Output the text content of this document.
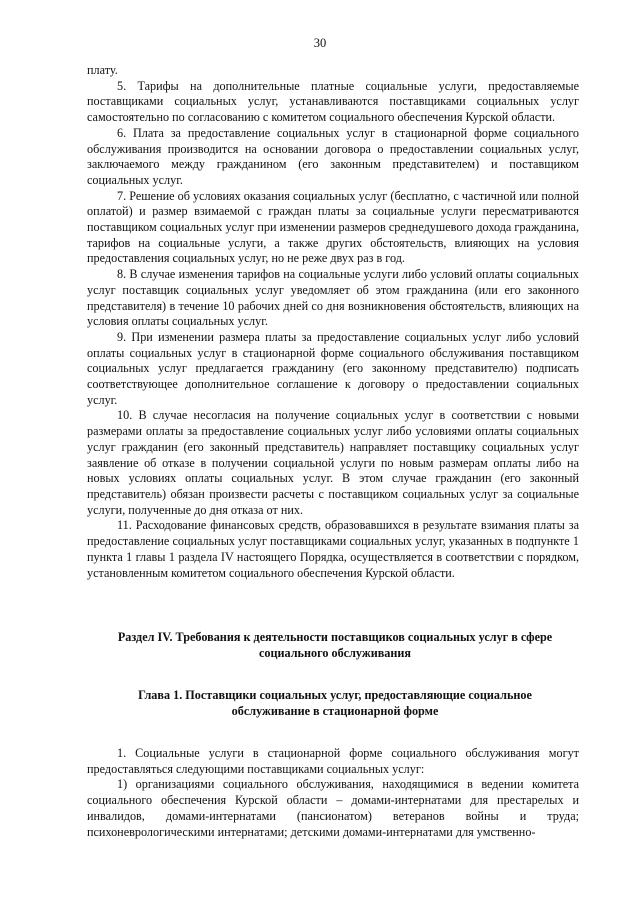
30

плату.

5. Тарифы на дополнительные платные социальные услуги, предоставляемые поставщиками социальных услуг, устанавливаются поставщиками социальных услуг самостоятельно по согласованию с комитетом социального обеспечения Курской области.

6. Плата за предоставление социальных услуг в стационарной форме социального обслуживания производится на основании договора о предоставлении социальных услуг, заключаемого между гражданином (его законным представителем) и поставщиком социальных услуг.

7. Решение об условиях оказания социальных услуг (бесплатно, с частичной или полной оплатой) и размер взимаемой с граждан платы за социальные услуги пересматриваются поставщиком социальных услуг при изменении размеров среднедушевого дохода гражданина, тарифов на социальные услуги, а также других обстоятельств, влияющих на условия предоставления социальных услуг, но не реже двух раз в год.

8. В случае изменения тарифов на социальные услуги либо условий оплаты социальных услуг поставщик социальных услуг уведомляет об этом гражданина (или его законного представителя) в течение 10 рабочих дней со дня возникновения обстоятельств, влияющих на условия оплаты социальных услуг.

9. При изменении размера платы за предоставление социальных услуг либо условий оплаты социальных услуг в стационарной форме социального обслуживания поставщиком социальных услуг предлагается гражданину (его законному представителю) подписать соответствующее дополнительное соглашение к договору о предоставлении социальных услуг.

10. В случае несогласия на получение социальных услуг в соответствии с новыми размерами оплаты за предоставление социальных услуг либо условиями оплаты социальных услуг гражданин (его законный представитель) направляет поставщику социальных услуг заявление об отказе в получении социальной услуги по новым размерам оплаты либо на новых условиях оплаты социальных услуг. В этом случае гражданин (его законный представитель) обязан произвести расчеты с поставщиком социальных услуг за социальные услуги, полученные до дня отказа от них.

11. Расходование финансовых средств, образовавшихся в результате взимания платы за предоставление социальных услуг поставщиками социальных услуг, указанных в подпункте 1 пункта 1 главы 1 раздела IV настоящего Порядка, осуществляется в соответствии с порядком, установленным комитетом социального обеспечения Курской области.

Раздел IV. Требования к деятельности поставщиков социальных услуг в сфере социального обслуживания
Глава 1. Поставщики социальных услуг, предоставляющие социальное обслуживание в стационарной форме

1. Социальные услуги в стационарной форме социального обслуживания могут предоставляться следующими поставщиками социальных услуг:

1) организациями социального обслуживания, находящимися в ведении комитета социального обеспечения Курской области – домами-интернатами для престарелых и инвалидов, домами-интернатами (пансионатом) ветеранов войны и труда; психоневрологическими интернатами; детскими домами-интернатами для умственно-
